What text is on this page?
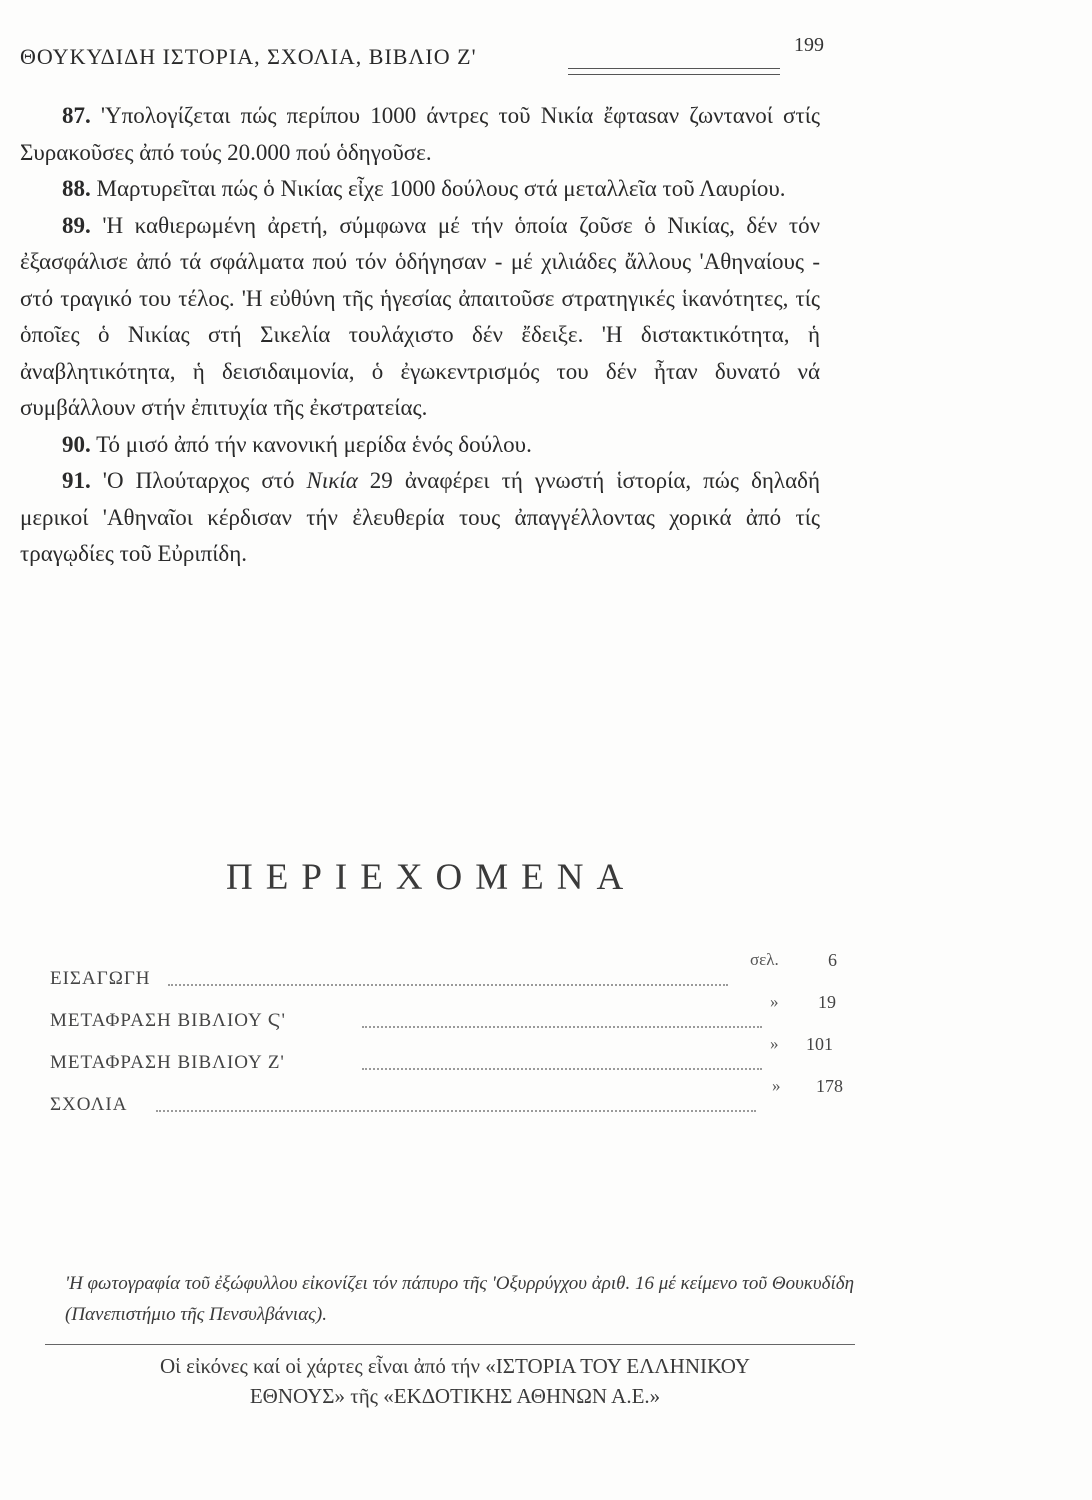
ΘΟΥΚΥΔΙΔΗ ΙΣΤΟΡΙΑ, ΣΧΟΛΙΑ, ΒΙΒΛΙΟ Ζ'	199

87. 'Υπολογίζεται πώς περίπου 1000 άντρες τοῦ Νικία ἔφταsαν ζωντανοί στίς Συρακοῦσες ἀπό τούς 20.000 πού ὁδηγοῦσε.

88. Μαρτυρεῖται πώς ὁ Νικίας εἶχε 1000 δούλους στά μεταλλεῖα τοῦ Λαυρίου.

89. 'Η καθιερωμένη ἀρετή, σύμφωνα μέ τήν ὁποία ζοῦσε ὁ Νικίας, δέν τόν ἐξασφάλισε ἀπό τά σφάλματα πού τόν ὁδήγησαν - μέ χιλιάδες ἄλλους 'Αθηναίους - στό τραγικό του τέλος. 'Η εὐθύνη τῆς ἡγεσίας ἀπαιτοῦσε στρατηγικές ἱκανότητες, τίς ὁποῖες ὁ Νικίας στή Σικελία τουλάχιστο δέν ἔδειξε. 'Η διστακτικότητα, ἡ ἀναβλητικότητα, ἡ δεισιδαιμονία, ὁ ἐγωκεντρισμός του δέν ἦταν δυνατό νά συμβάλλουν στήν ἐπιτυχία τῆς ἐκστρατείας.

90. Τό μισό ἀπό τήν κανονική μερίδα ἑνός δούλου.

91. 'Ο Πλούταρχος στό Νικία 29 ἀναφέρει τή γνωστή ἱστορία, πώς δηλαδή μερικοί 'Αθηναῖοι κέρδισαν τήν ἐλευθερία τους ἀπαγγέλλοντας χορικά ἀπό τίς τραγῳδίες τοῦ Εὐριπίδη.

ΠΕΡΙΕΧΟΜΕΝΑ
ΕΙΣΑΓΩΓΗ
σελ.	6
ΜΕΤΑΦΡΑΣΗ ΒΙΒΛΙΟΥ Ϛ'
» 19
ΜΕΤΑΦΡΑΣΗ ΒΙΒΛΙΟΥ Ζ'
» 101
ΣΧΟΛΙΑ
» 178

'Η φωτογραφία τοῦ ἐξώφυλλου εἰκονίζει τόν πάπυρο τῆς 'Οξυρρύγχου ἀριθ. 16 μέ κείμενο τοῦ Θουκυδίδη (Πανεπιστήμιο τῆς Πενσυλβάνιας).

Οἱ εἰκόνες καί οἱ χάρτες εἶναι ἀπό τήν «ΙΣΤΟΡΙΑ ΤΟΥ ΕΛΛΗΝΙΚΟΥ
ΕΘΝΟΥΣ» τῆς «ΕΚΔΟΤΙΚΗΣ ΑΘΗΝΩΝ Α.Ε.»
